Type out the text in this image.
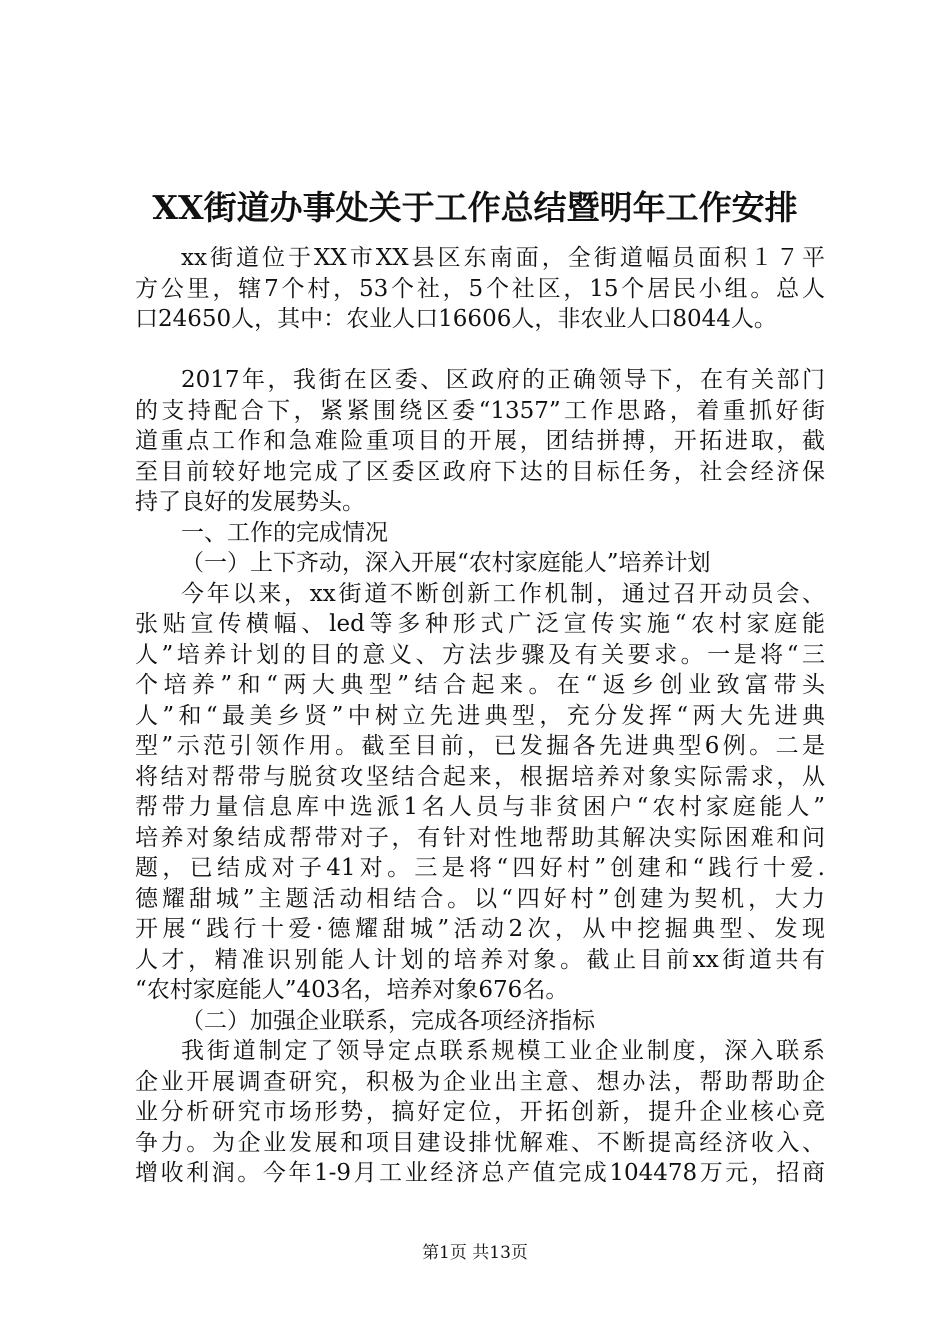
XX街道办事处关于工作总结暨明年工作安排
xx街道位于XX市XX县区东南面，全街道幅员面积１７平
方公里，辖7个村，53个社，5个社区，15个居民小组。总人
口24650人，其中：农业人口16606人，非农业人口8044人。
2017年，我街在区委、区政府的正确领导下，在有关部门
的支持配合下，紧紧围绕区委“1357”工作思路，着重抓好街
道重点工作和急难险重项目的开展，团结拼搏，开拓进取，截
至目前较好地完成了区委区政府下达的目标任务，社会经济保
持了良好的发展势头。
一、工作的完成情况
（一）上下齐动，深入开展“农村家庭能人”培养计划
今年以来，xx街道不断创新工作机制，通过召开动员会、
张贴宣传横幅、led等多种形式广泛宣传实施“农村家庭能
人”培养计划的目的意义、方法步骤及有关要求。一是将“三
个培养”和“两大典型”结合起来。在“返乡创业致富带头
人”和“最美乡贤”中树立先进典型，充分发挥“两大先进典
型”示范引领作用。截至目前，已发掘各先进典型6例。二是
将结对帮带与脱贫攻坚结合起来，根据培养对象实际需求，从
帮带力量信息库中选派1名人员与非贫困户“农村家庭能人”
培养对象结成帮带对子，有针对性地帮助其解决实际困难和问
题，已结成对子41对。三是将“四好村”创建和“践行十爱.
德耀甜城”主题活动相结合。以“四好村”创建为契机，大力
开展“践行十爱·德耀甜城”活动2次，从中挖掘典型、发现
人才，精准识别能人计划的培养对象。截止目前xx街道共有
“农村家庭能人”403名，培养对象676名。
（二）加强企业联系，完成各项经济指标
我街道制定了领导定点联系规模工业企业制度，深入联系
企业开展调查研究，积极为企业出主意、想办法，帮助帮助企
业分析研究市场形势，搞好定位，开拓创新，提升企业核心竞
争力。为企业发展和项目建设排忧解难、不断提高经济收入、
增收利润。今年1-9月工业经济总产值完成104478万元，招商
第1页 共13页
